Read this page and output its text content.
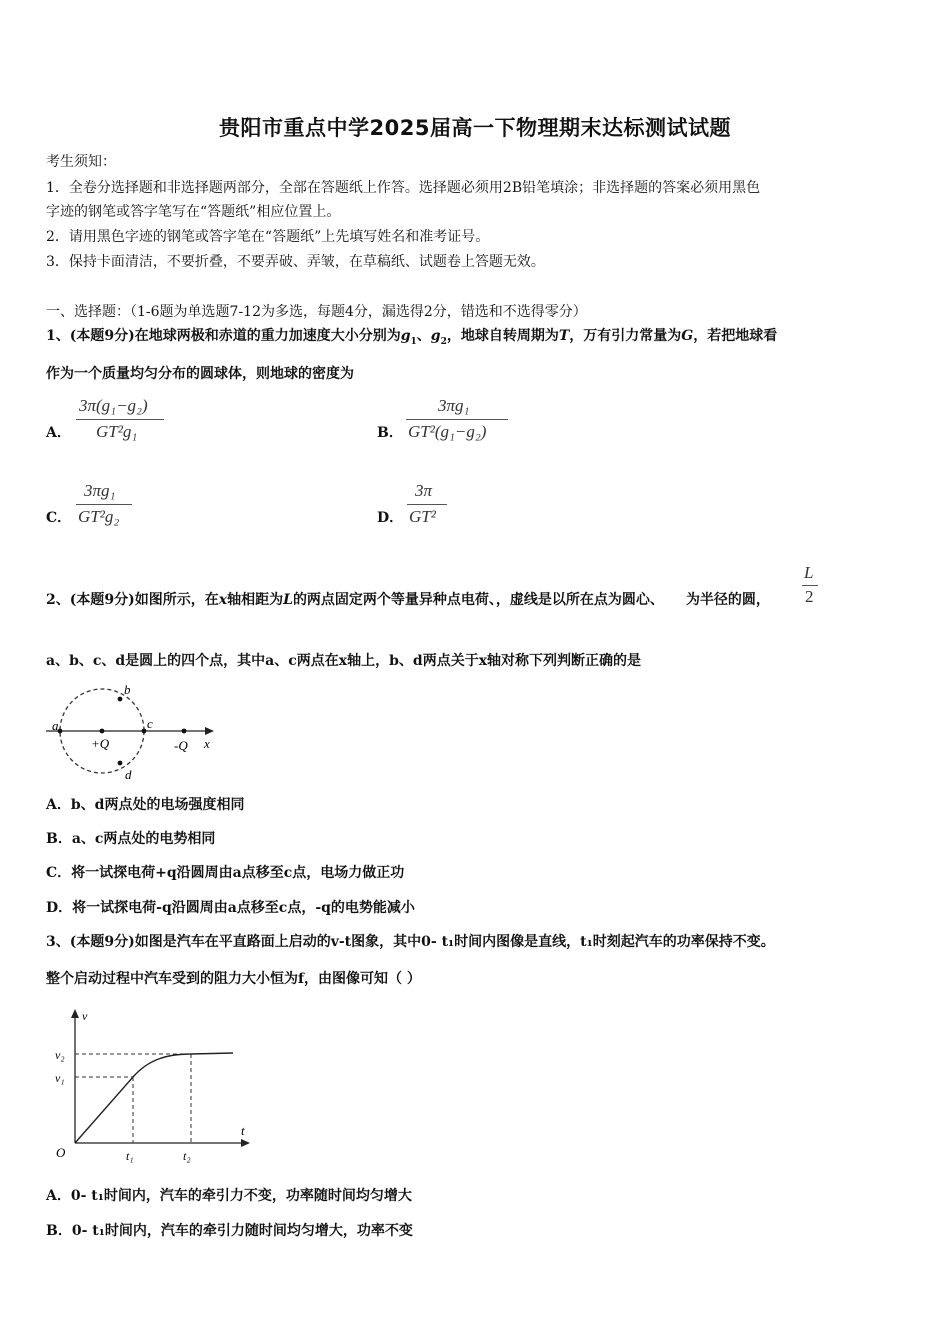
贵阳市重点中学2025届高一下物理期末达标测试试题
考生须知：
1．全卷分选择题和非选择题两部分，全部在答题纸上作答。选择题必须用2B铅笔填涂；非选择题的答案必须用黑色
字迹的钢笔或答字笔写在“答题纸”相应位置上。
2．请用黑色字迹的钢笔或答字笔在“答题纸”上先填写姓名和准考证号。
3．保持卡面清洁，不要折叠，不要弄破、弄皱，在草稿纸、试题卷上答题无效。
一、选择题：（1-6题为单选题7-12为多选，每题4分，漏选得2分，错选和不选得零分）
1、(本题9分)在地球两极和赤道的重力加速度大小分别为$g_1$、$g_2$，地球自转周期为T，万有引力常量为G，若把地球看
作为一个质量均匀分布的圆球体，则地球的密度为
A．
3π(g₁−g₂)
GT²g₁	B．
3πg₁
GT²(g₁−g₂)
C．
3πg₁
GT²g₂	D．
3π
GT²
2、(本题9分)如图所示，在x轴相距为L的两点固定两个等量异种点电荷、，虚线是以所在点为圆心、 为半径的圆，
L
2
a、b、c、d是圆上的四个点，其中a、c两点在x轴上，b、d两点关于x轴对称下列判断正确的是
a
b
c
d
+Q	-Q x
A．b、d两点处的电场强度相同
B．a、c两点处的电势相同
C．将一试探电荷+q沿圆周由a点移至c点，电场力做正功
D．将一试探电荷-q沿圆周由a点移至c点，-q的电势能减小
3、(本题9分)如图是汽车在平直路面上启动的v-t图象，其中0- t₁时间内图像是直线，t₁时刻起汽车的功率保持不变。
整个启动过程中汽车受到的阻力大小恒为f，由图像可知（ ）
v
v₂
v₁
O	t₁	t₂
t
A．0- t₁时间内，汽车的牵引力不变，功率随时间均匀增大
B．0- t₁时间内，汽车的牵引力随时间均匀增大，功率不变
